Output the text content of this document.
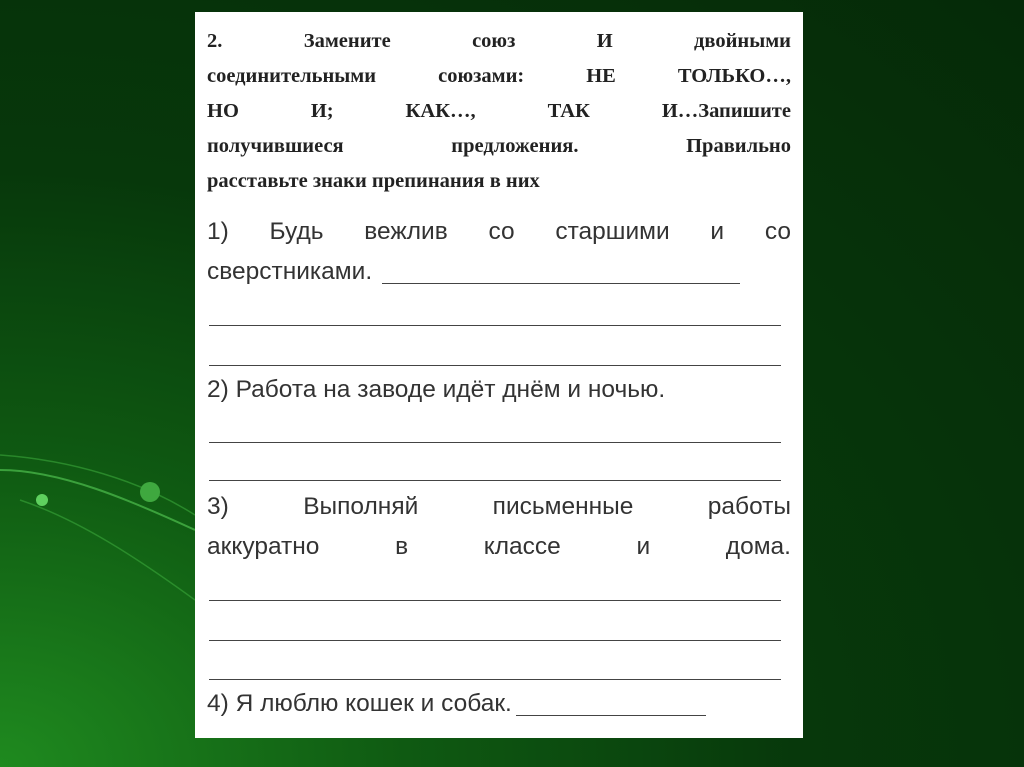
2.	Замените	союз	И	двойными
соединительными	союзами:	НЕ	ТОЛЬКО…,
НО	И;	КАК…,	ТАК	И…Запишите
получившиеся	предложения.	Правильно
расставьте знаки препинания в них
1) Будь вежлив со старшими и со
сверстниками.
2) Работа на заводе идёт днём и ночью.
3)	Выполняй	письменные	работы
аккуратно	в	классе	и	дома.
4) Я люблю кошек и собак.
